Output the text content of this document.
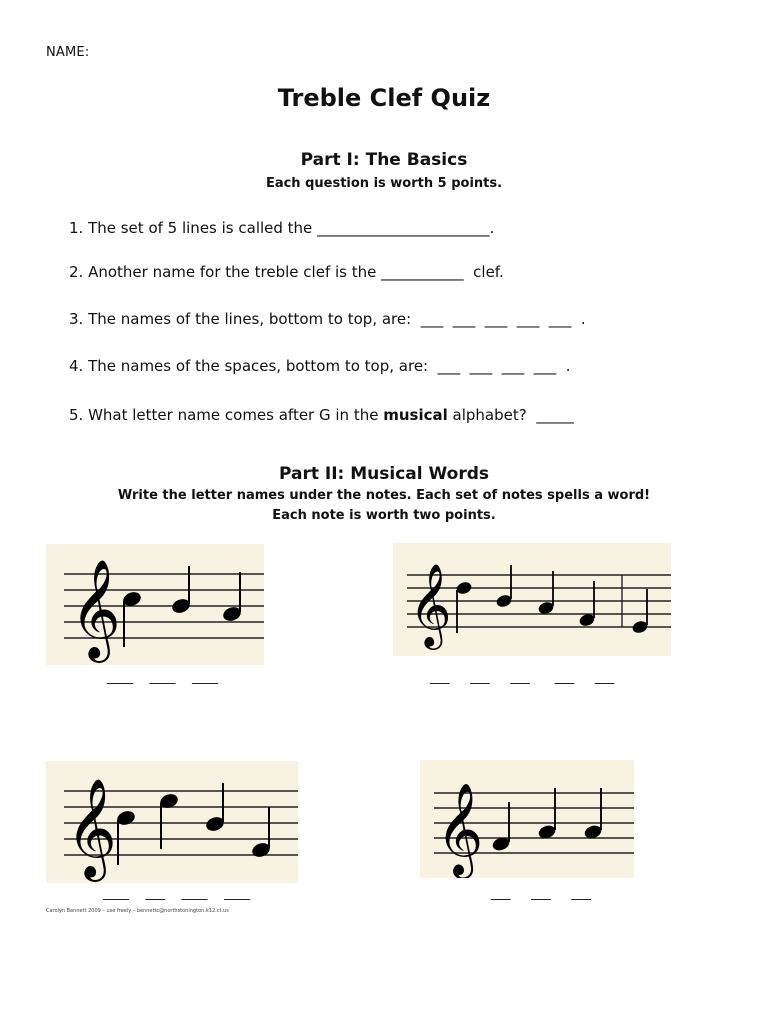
NAME:
Treble Clef Quiz
Part I: The Basics
Each question is worth 5 points.
1. The set of 5 lines is called the _______________________.
2. Another name for the treble clef is the ___________  clef.
3. The names of the lines, bottom to top, are:  ___  ___  ___  ___  ___  .
4. The names of the spaces, bottom to top, are:  ___  ___  ___  ___  .
5. What letter name comes after G in the musical alphabet?  _____
Part II: Musical Words
Write the letter names under the notes. Each set of notes spells a word!
Each note is worth two points.
𝄞
____    ____    ____
𝄞
___     ___     ___      ___     ___
𝄞
____    ___    ____    ____
𝄞
___     ___     ___
Carolyn Bennett 2009 – use freely – bennettc@northstonington.k12.ct.us
